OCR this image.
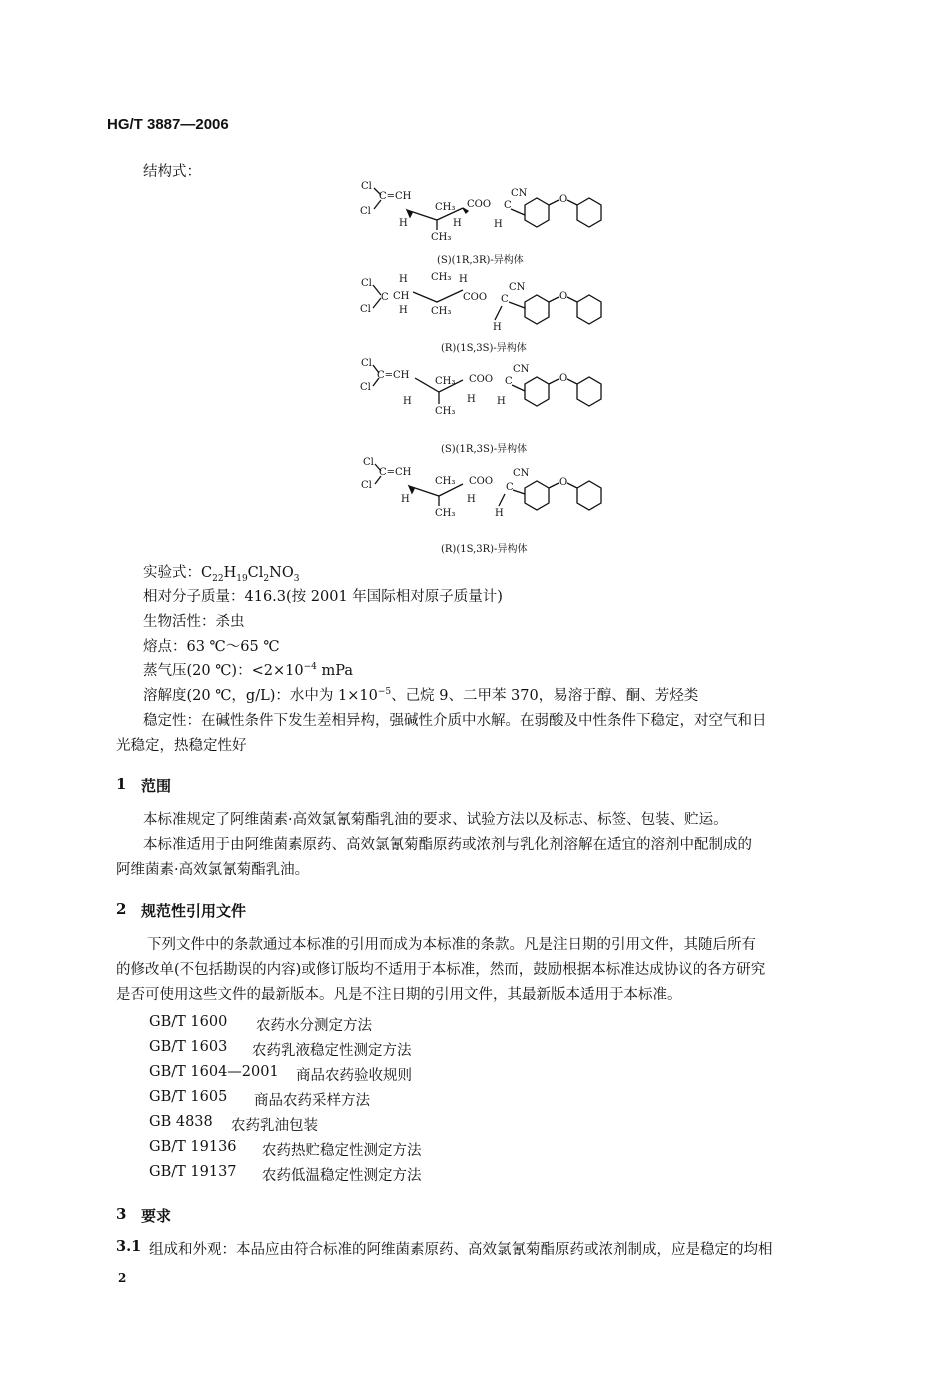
HG/T 3887—2006
结构式：
Cl
Cl
C=CH
H
CH₃
CH₃
H
COO C
CN
H
O
(S)(1R,3R)-异构体
Cl
Cl
C CH
H
H
CH₃
CH₃
H
COO C
CN
H
O
(R)(1S,3S)-异构体
Cl
Cl
C=CH
H
CH₃
CH₃
H
COO C
CN
H
O
(S)(1R,3S)-异构体
Cl
Cl
C=CH
H
CH₃
CH₃
H
COO
C
CN
H
O
(R)(1S,3R)-异构体
实验式：$C_{22}H_{19}Cl_2NO_3$
相对分子质量：416.3(按 2001 年国际相对原子质量计)
生物活性：杀虫
熔点：63 ℃～65 ℃
蒸气压(20 ℃)：$<2\times 10^{-4}$ mPa
溶解度(20 ℃，g/L)：水中为 $1\times 10^{-5}$、己烷 9、二甲苯 370，易溶于醇、酮、芳烃类
稳定性：在碱性条件下发生差相异构，强碱性介质中水解。在弱酸及中性条件下稳定，对空气和日
光稳定，热稳定性好
1 范围
本标准规定了阿维菌素·高效氯氰菊酯乳油的要求、试验方法以及标志、标签、包装、贮运。
本标准适用于由阿维菌素原药、高效氯氰菊酯原药或浓剂与乳化剂溶解在适宜的溶剂中配制成的
阿维菌素·高效氯氰菊酯乳油。
2 规范性引用文件
下列文件中的条款通过本标准的引用而成为本标准的条款。凡是注日期的引用文件，其随后所有
的修改单(不包括勘误的内容)或修订版均不适用于本标准，然而，鼓励根据本标准达成协议的各方研究
是否可使用这些文件的最新版本。凡是不注日期的引用文件，其最新版本适用于本标准。
GB/T 1600 农药水分测定方法
GB/T 1603 农药乳液稳定性测定方法
GB/T 1604—2001 商品农药验收规则
GB/T 1605 商品农药采样方法
GB 4838 农药乳油包装
GB/T 19136 农药热贮稳定性测定方法
GB/T 19137 农药低温稳定性测定方法
3 要求
3.1 组成和外观：本品应由符合标准的阿维菌素原药、高效氯氰菊酯原药或浓剂制成，应是稳定的均相
2
